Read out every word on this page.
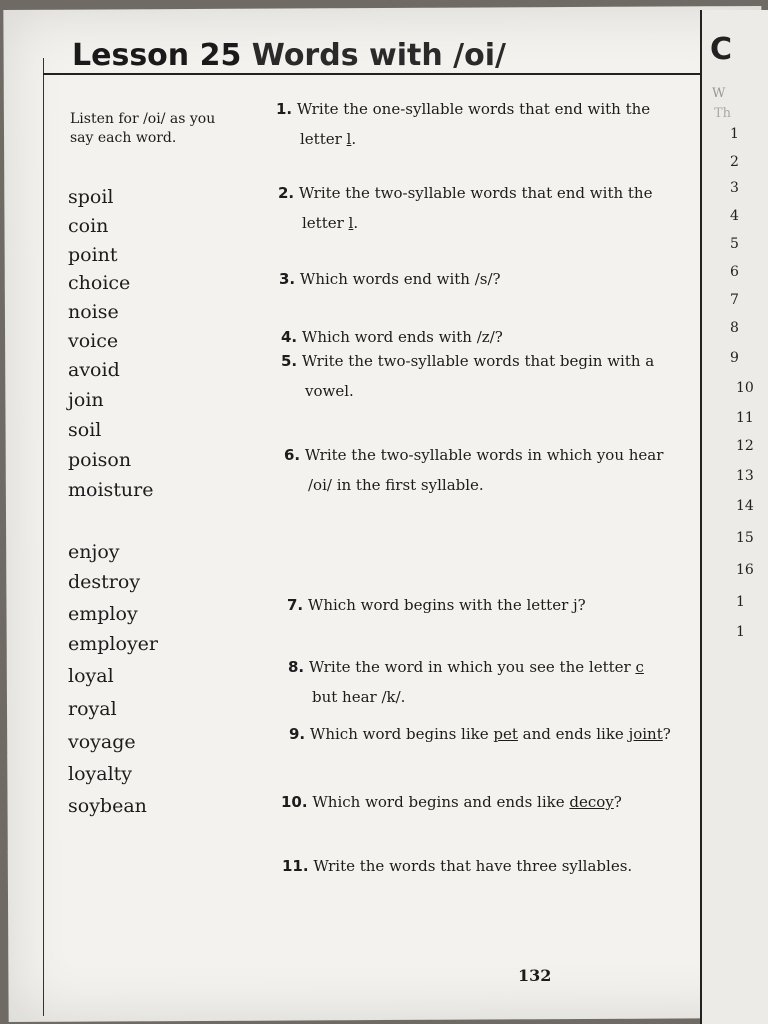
C
W
Th
1
2
3
4
5
6
7
8
9
10
11
12
13
14
15
16
1
1
Lesson 25 Words with /oi/
Listen for /oi/ as you say each word.
spoil
coin
point
choice
noise
voice
avoid
join
soil
poison
moisture
enjoy
destroy
employ
employer
loyal
royal
voyage
loyalty
soybean
1. Write the one-syllable words that end with the
letter l.
2. Write the two-syllable words that end with the
letter l.
3. Which words end with /s/?
4. Which word ends with /z/?
5. Write the two-syllable words that begin with a
vowel.
6. Write the two-syllable words in which you hear
/oi/ in the first syllable.
7. Which word begins with the letter j?
8. Write the word in which you see the letter c
but hear /k/.
9. Which word begins like pet and ends like joint?
10. Which word begins and ends like decoy?
11. Write the words that have three syllables.
132
